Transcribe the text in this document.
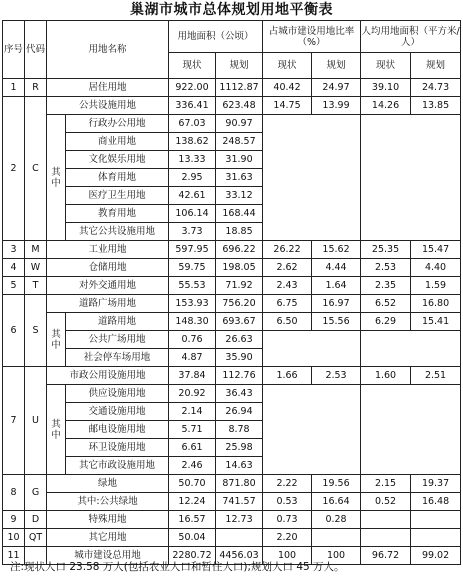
巢湖市城市总体规划用地平衡表
序号	代码	用地名称		用地面积（公顷）		占城市建设用地比率（%）		人均用地面积（平方米/人）	
				现状	规划	现状	规划	现状	规划
1	R	居住用地		922.00	1112.87	40.42	24.97	39.10	24.73
2	C	公共设施用地		336.41	623.48	14.75	13.99	14.26	13.85
		其中	行政办公用地	67.03	90.97				
			商业用地	138.62	248.57				
			文化娱乐用地	13.33	31.90				
			体育用地	2.95	31.63				
			医疗卫生用地	42.61	33.12				
			教育用地	106.14	168.44				
			其它公共设施用地	3.73	18.85				
3	M	工业用地		597.95	696.22	26.22	15.62	25.35	15.47
4	W	仓储用地		59.75	198.05	2.62	4.44	2.53	4.40
5	T	对外交通用地		55.53	71.92	2.43	1.64	2.35	1.59
6	S	道路广场用地		153.93	756.20	6.75	16.97	6.52	16.80
		其中	道路用地	148.30	693.67	6.50	15.56	6.29	15.41
			公共广场用地	0.76	26.63				
			社会停车场用地	4.87	35.90				
7	U	市政公用设施用地		37.84	112.76	1.66	2.53	1.60	2.51
		其中	供应设施用地	20.92	36.43				
			交通设施用地	2.14	26.94				
			邮电设施用地	5.71	8.78				
			环卫设施用地	6.61	25.98				
			其它市政设施用地	2.46	14.63				
8	G	绿地		50.70	871.80	2.22	19.56	2.15	19.37
		其中:公共绿地		12.24	741.57	0.53	16.64	0.52	16.48
9	D	特殊用地		16.57	12.73	0.73	0.28		
10	QT	其它用地		50.04		2.20			
11		城市建设总用地		2280.72	4456.03	100	100	96.72	99.02
注:现状人口 23.58 万人(包括农业人口和暂住人口);规划人口 45 万人。
